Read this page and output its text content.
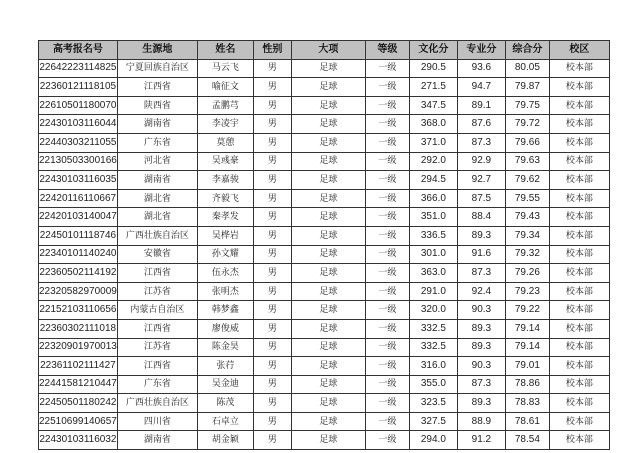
高考报名号	生源地	姓名	性别	大项	等级	文化分	专业分	综合分	校区
22642223114825	宁夏回族自治区	马云飞	男	足球	一级	290.5	93.6	80.05	校本部
22360121118105	江西省	喻征文	男	足球	一级	271.5	94.7	79.87	校本部
22610501180070	陕西省	孟鹏芎	男	足球	一级	347.5	89.1	79.75	校本部
22430103116044	湖南省	李凌宇	男	足球	一级	368.0	87.6	79.72	校本部
22440303211055	广东省	莫憩	男	足球	一级	371.0	87.3	79.66	校本部
22130503300166	河北省	吴彧豪	男	足球	一级	292.0	92.9	79.63	校本部
22430103116035	湖南省	李嘉骏	男	足球	一级	294.5	92.7	79.62	校本部
22420116110667	湖北省	齐毅飞	男	足球	一级	366.0	87.5	79.55	校本部
22420103140047	湖北省	秦孝发	男	足球	一级	351.0	88.4	79.43	校本部
22450101118746	广西壮族自治区	吴桦岩	男	足球	一级	336.5	89.3	79.34	校本部
22340101140240	安徽省	孙文耀	男	足球	一级	301.0	91.6	79.32	校本部
22360502114192	江西省	伍永杰	男	足球	一级	363.0	87.3	79.26	校本部
22320582970009	江苏省	张明杰	男	足球	一级	291.0	92.4	79.23	校本部
22152103110656	内蒙古自治区	韩梦鑫	男	足球	一级	320.0	90.3	79.22	校本部
22360302111018	江西省	廖俊威	男	足球	一级	332.5	89.3	79.14	校本部
22320901970013	江苏省	陈金昊	男	足球	一级	332.5	89.3	79.14	校本部
22361102111427	江西省	张荇	男	足球	一级	316.0	90.3	79.01	校本部
22441581210447	广东省	吴金迪	男	足球	一级	355.0	87.3	78.86	校本部
22450501180242	广西壮族自治区	陈茂	男	足球	一级	323.5	89.3	78.83	校本部
22510699140657	四川省	石卓立	男	足球	一级	327.5	88.9	78.61	校本部
22430103116032	湖南省	胡金颖	男	足球	一级	294.0	91.2	78.54	校本部
